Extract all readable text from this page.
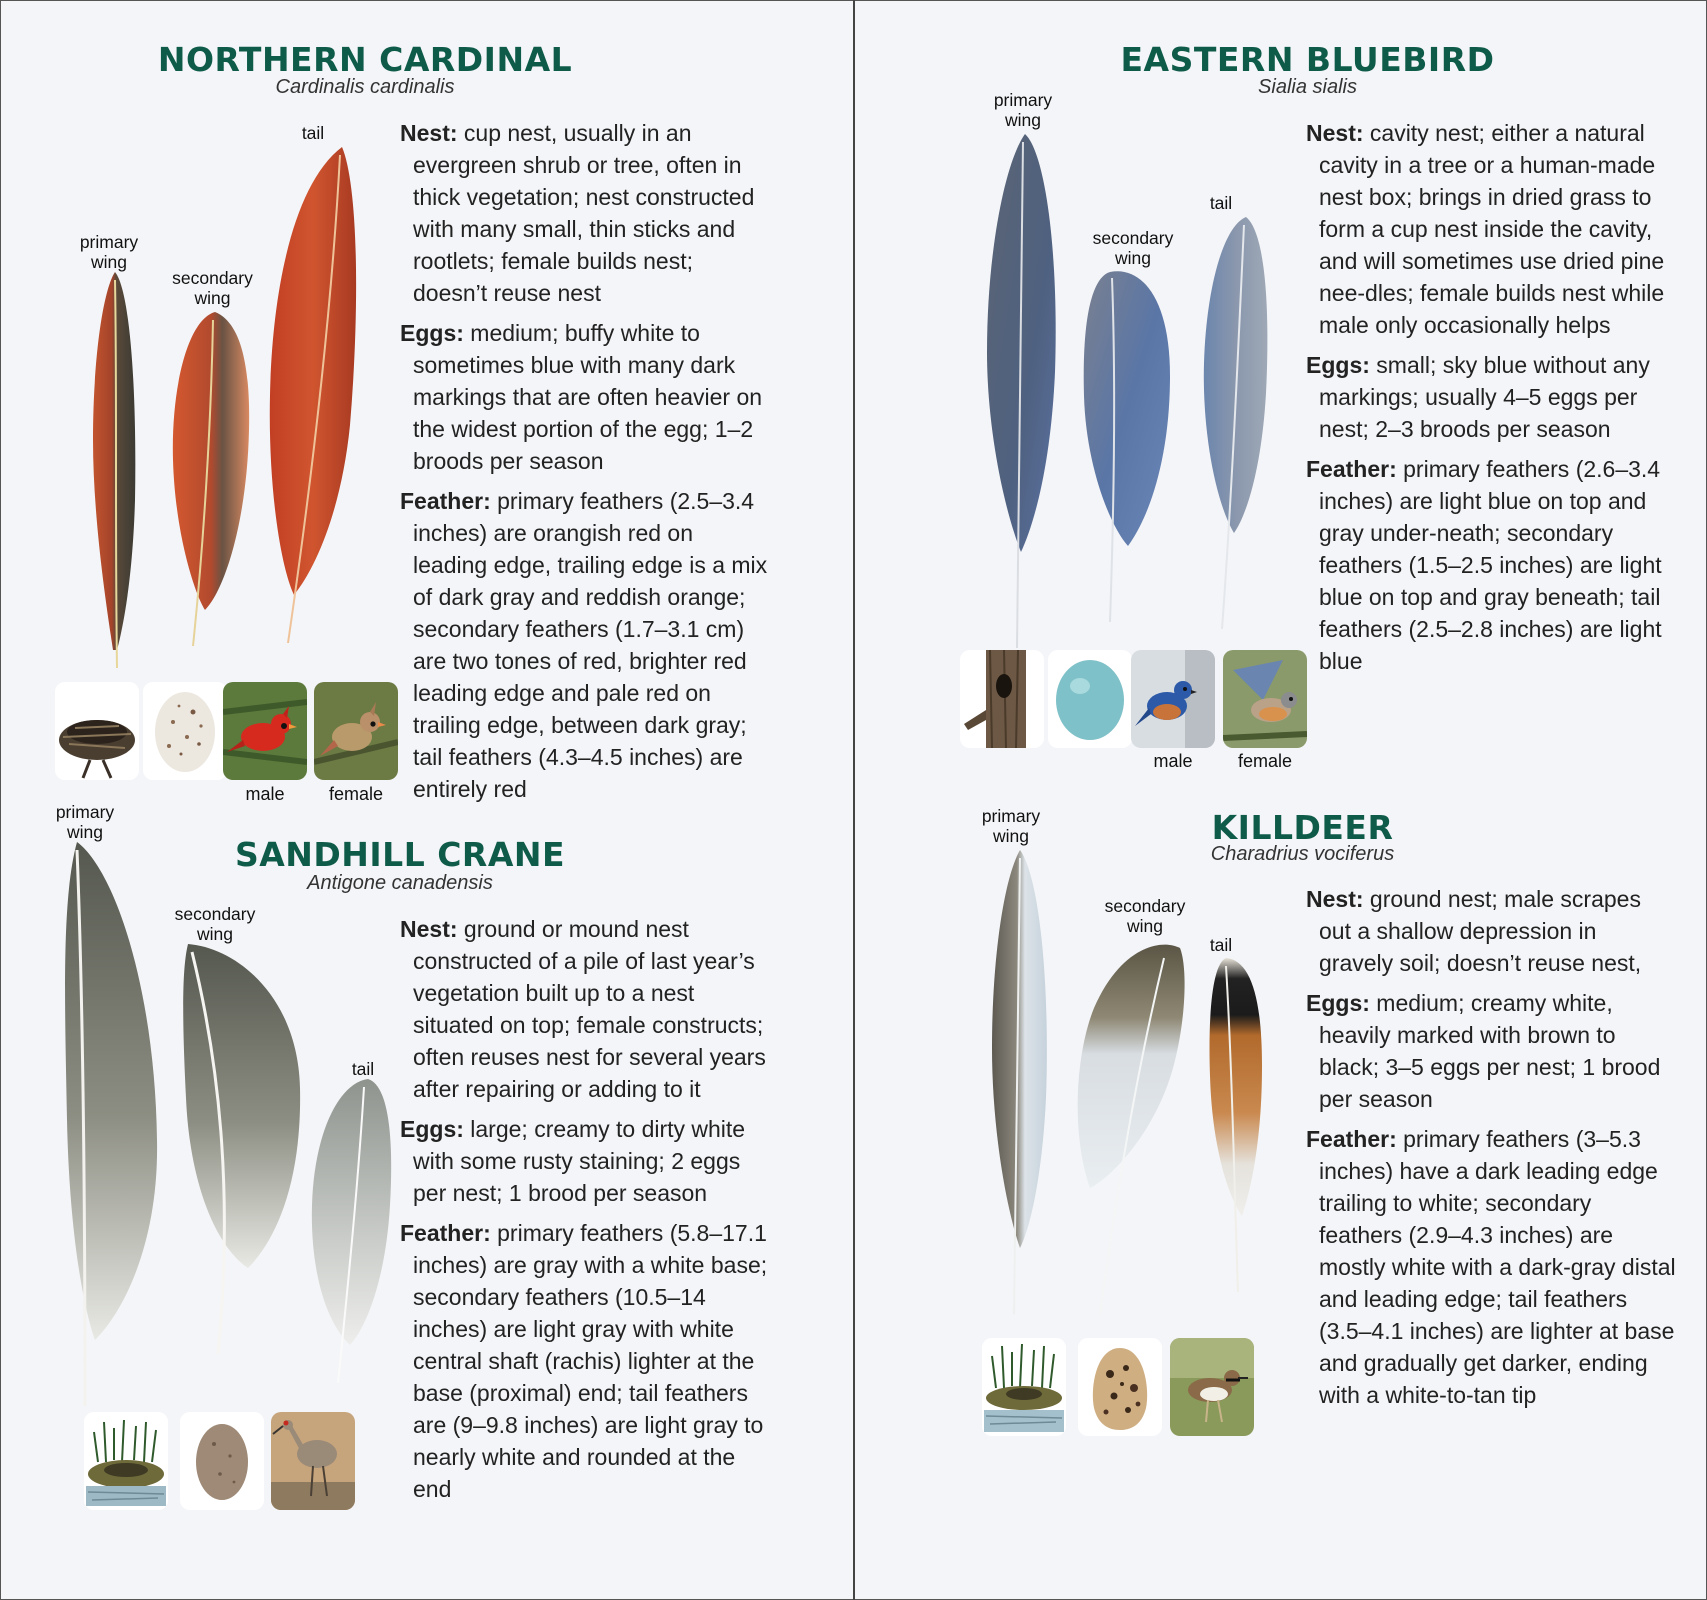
NORTHERN CARDINAL
Cardinalis cardinalis
tail
primary
wing
secondary
wing
male	female

Nest: cup nest, usually in an evergreen shrub or tree, often in thick vegetation; nest constructed with many small, thin sticks and rootlets; female builds nest; doesn’t reuse nest

Eggs: medium; buffy white to sometimes blue with many dark markings that are often heavier on the widest portion of the egg; 1–2 broods per season

Feather: primary feathers (2.5–3.4 inches) are orangish red on leading edge, trailing edge is a mix of dark gray and reddish orange; secondary feathers (1.7–3.1 cm) are two tones of red, brighter red leading edge and pale red on trailing edge, between dark gray; tail feathers (4.3–4.5 inches) are entirely red

primary
wing
SANDHILL CRANE
Antigone canadensis
secondary
wing
tail

Nest: ground or mound nest constructed of a pile of last year’s vegetation built up to a nest situated on top; female constructs; often reuses nest for several years after repairing or adding to it

Eggs: large; creamy to dirty white with some rusty staining; 2 eggs per nest; 1 brood per season

Feather: primary feathers (5.8–17.1 inches) are gray with a white base; secondary feathers (10.5–14 inches) are light gray with white central shaft (rachis) lighter at the base (proximal) end; tail feathers are (9–9.8 inches) are light gray to nearly white and rounded at the end

EASTERN BLUEBIRD
Sialia sialis
primary
wing
tail
secondary
wing
male	female

Nest: cavity nest; either a natural cavity in a tree or a human-made nest box; brings in dried grass to form a cup nest inside the cavity, and will sometimes use dried pine nee-dles; female builds nest while male only occasionally helps

Eggs: small; sky blue without any markings; usually 4–5 eggs per nest; 2–3 broods per season

Feather: primary feathers (2.6–3.4 inches) are light blue on top and gray under-neath; secondary feathers (1.5–2.5 inches) are light blue on top and gray beneath; tail feathers (2.5–2.8 inches) are light blue

primary
wing	KILLDEER
Charadrius vociferus
secondary
wing
tail

Nest: ground nest; male scrapes out a shallow depression in gravely soil; doesn’t reuse nest,

Eggs: medium; creamy white, heavily marked with brown to black; 3–5 eggs per nest; 1 brood per season

Feather: primary feathers (3–5.3 inches) have a dark leading edge trailing to white; secondary feathers (2.9–4.3 inches) are mostly white with a dark-gray distal and leading edge; tail feathers (3.5–4.1 inches) are lighter at base and gradually get darker, ending with a white-to-tan tip
